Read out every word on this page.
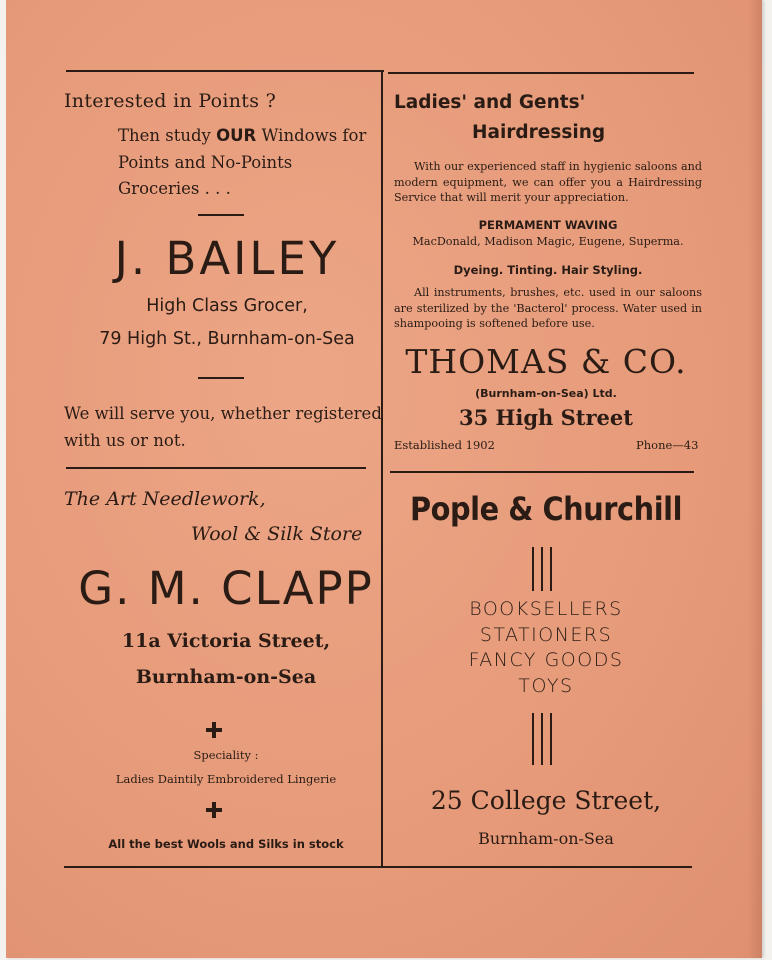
Interested in Points ?
Then study OUR Windows for
Points and No-Points
Groceries . . .
J. BAILEY
High Class Grocer,
79 High St., Burnham-on-Sea
We will serve you, whether registered
with us or not.
The Art Needlework,
Wool & Silk Store
G. M. CLAPP
11a Victoria Street,
Burnham-on-Sea
Speciality :
Ladies Daintily Embroidered Lingerie
All the best Wools and Silks in stock
Ladies' and Gents'
Hairdressing
With our experienced staff in hygienic saloons and modern equipment, we can offer you a Hairdressing Service that will merit your appreciation.
PERMAMENT WAVING
MacDonald, Madison Magic, Eugene, Superma.
Dyeing. Tinting. Hair Styling.
All instruments, brushes, etc. used in our saloons are sterilized by the 'Bacterol' process. Water used in shampooing is softened before use.
THOMAS & CO.
(Burnham-on-Sea) Ltd.
35 High Street
Established 1902	Phone—43
Pople & Churchill
BOOKSELLERS
STATIONERS
FANCY GOODS
TOYS
25 College Street,
Burnham-on-Sea
